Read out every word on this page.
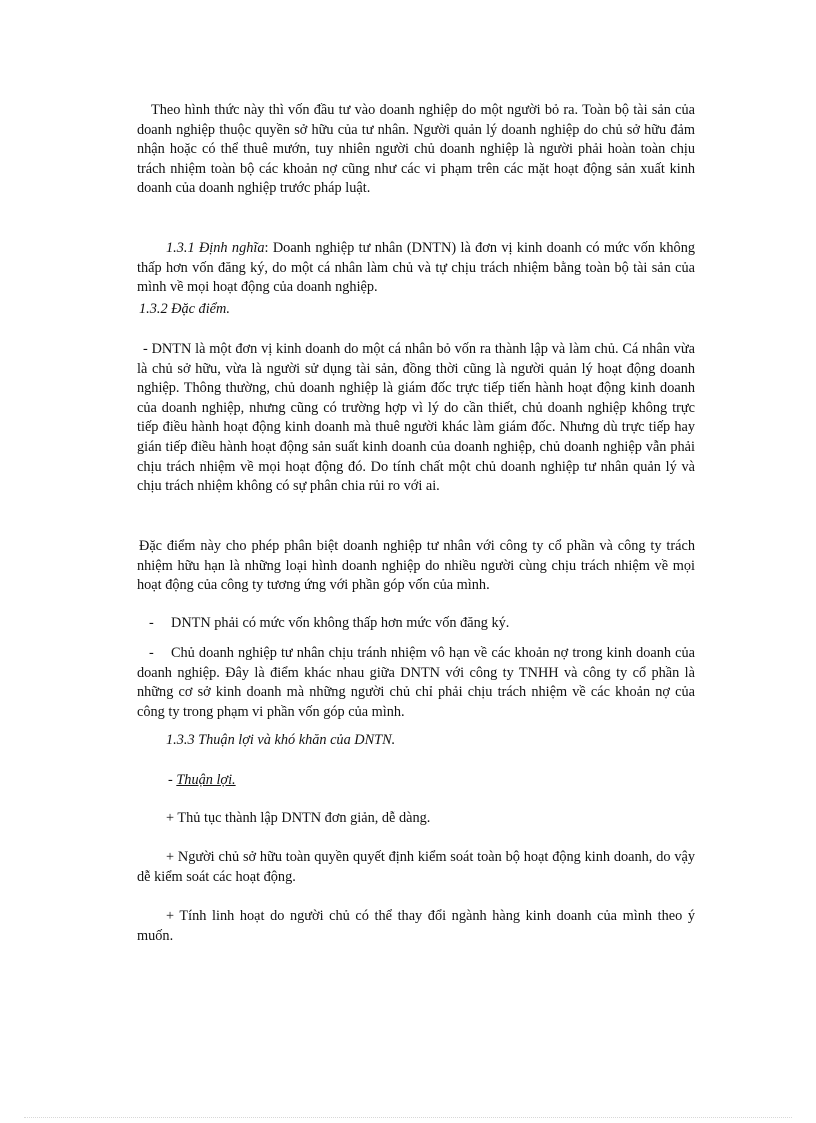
Theo hình thức này thì vốn đầu tư vào doanh nghiệp do một người bỏ ra. Toàn bộ tài sản của doanh nghiệp thuộc quyền sở hữu của tư nhân. Người quản lý doanh nghiệp do chủ sở hữu đảm nhận hoặc có thể thuê mướn, tuy nhiên người chủ doanh nghiệp là người phải hoàn toàn chịu trách nhiệm toàn bộ các khoản nợ cũng như các vi phạm trên các mặt hoạt động sản xuất kinh doanh của doanh nghiệp trước pháp luật.

1.3.1 Định nghĩa: Doanh nghiệp tư nhân (DNTN) là đơn vị kinh doanh có mức vốn không thấp hơn vốn đăng ký, do một cá nhân làm chủ và tự chịu trách nhiệm bằng toàn bộ tài sản của mình về mọi hoạt động của doanh nghiệp.

1.3.2 Đặc điểm.

- DNTN là một đơn vị kinh doanh do một cá nhân bỏ vốn ra thành lập và làm chủ. Cá nhân vừa là chủ sở hữu, vừa là người sử dụng tài sản, đồng thời cũng là người quản lý hoạt động doanh nghiệp. Thông thường, chủ doanh nghiệp là giám đốc trực tiếp tiến hành hoạt động kinh doanh của doanh nghiệp, nhưng cũng có trường hợp vì lý do cần thiết, chủ doanh nghiệp không trực tiếp điều hành hoạt động kinh doanh mà thuê người khác làm giám đốc. Nhưng dù trực tiếp hay gián tiếp điều hành hoạt động sản suất kinh doanh của doanh nghiệp, chủ doanh nghiệp vẫn phải chịu trách nhiệm về mọi hoạt động đó. Do tính chất một chủ doanh nghiệp tư nhân quản lý và chịu trách nhiệm không có sự phân chia rủi ro với ai.

Đặc điểm này cho phép phân biệt doanh nghiệp tư nhân với công ty cổ phần và công ty trách nhiệm hữu hạn là những loại hình doanh nghiệp do nhiều người cùng chịu trách nhiệm về mọi hoạt động của công ty tương ứng với phần góp vốn của mình.

- DNTN phải có mức vốn không thấp hơn mức vốn đăng ký.

- Chủ doanh nghiệp tư nhân chịu tránh nhiệm vô hạn về các khoản nợ trong kinh doanh của doanh nghiệp. Đây là điểm khác nhau giữa DNTN với công ty TNHH và công ty cổ phần là những cơ sở kinh doanh mà những người chủ chỉ phải chịu trách nhiệm về các khoản nợ của công ty trong phạm vi phần vốn góp của mình.

1.3.3 Thuận lợi và khó khăn của DNTN.

- Thuận lợi.

+ Thủ tục thành lập DNTN đơn giản, dễ dàng.

+ Người chủ sở hữu toàn quyền quyết định kiểm soát toàn bộ hoạt động kinh doanh, do vậy dễ kiểm soát các hoạt động.

+ Tính linh hoạt do người chủ có thể thay đổi ngành hàng kinh doanh của mình theo ý muốn.
